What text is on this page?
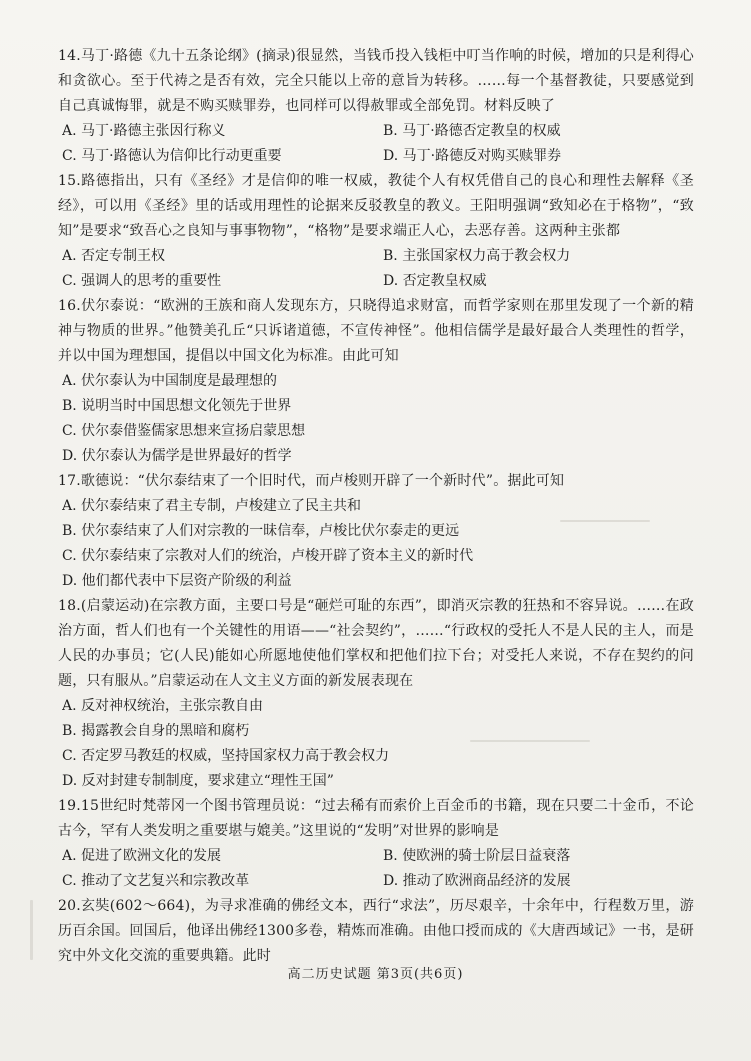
14.马丁·路德《九十五条论纲》(摘录)很显然，当钱币投入钱柜中叮当作响的时候，增加的只是利得心和贪欲心。至于代祷之是否有效，完全只能以上帝的意旨为转移。……每一个基督教徒，只要感觉到自己真诚悔罪，就是不购买赎罪券，也同样可以得赦罪或全部免罚。材料反映了

A. 马丁·路德主张因行称义	B. 马丁·路德否定教皇的权威
C. 马丁·路德认为信仰比行动更重要	D. 马丁·路德反对购买赎罪券

15.路德指出，只有《圣经》才是信仰的唯一权威，教徒个人有权凭借自己的良心和理性去解释《圣经》，可以用《圣经》里的话或用理性的论据来反驳教皇的教义。王阳明强调“致知必在于格物”，“致知”是要求“致吾心之良知与事事物物”，“格物”是要求端正人心，去恶存善。这两种主张都

A. 否定专制王权	B. 主张国家权力高于教会权力
C. 强调人的思考的重要性	D. 否定教皇权威

16.伏尔泰说：“欧洲的王族和商人发现东方，只晓得追求财富，而哲学家则在那里发现了一个新的精神与物质的世界。”他赞美孔丘“只诉诸道德，不宣传神怪”。他相信儒学是最好最合人类理性的哲学，并以中国为理想国，提倡以中国文化为标准。由此可知

A. 伏尔泰认为中国制度是最理想的
B. 说明当时中国思想文化领先于世界
C. 伏尔泰借鉴儒家思想来宣扬启蒙思想
D. 伏尔泰认为儒学是世界最好的哲学

17.歌德说：“伏尔泰结束了一个旧时代，而卢梭则开辟了一个新时代”。据此可知

A. 伏尔泰结束了君主专制，卢梭建立了民主共和
B. 伏尔泰结束了人们对宗教的一昧信奉，卢梭比伏尔泰走的更远
C. 伏尔泰结束了宗教对人们的统治，卢梭开辟了资本主义的新时代
D. 他们都代表中下层资产阶级的利益

18.(启蒙运动)在宗教方面，主要口号是“砸烂可耻的东西”，即消灭宗教的狂热和不容异说。……在政治方面，哲人们也有一个关键性的用语——“社会契约”，……“行政权的受托人不是人民的主人，而是人民的办事员；它(人民)能如心所愿地使他们掌权和把他们拉下台；对受托人来说，不存在契约的问题，只有服从。”启蒙运动在人文主义方面的新发展表现在

A. 反对神权统治，主张宗教自由
B. 揭露教会自身的黑暗和腐朽
C. 否定罗马教廷的权威，坚持国家权力高于教会权力
D. 反对封建专制制度，要求建立“理性王国”

19.15世纪时梵蒂冈一个图书管理员说：“过去稀有而索价上百金币的书籍，现在只要二十金币，不论古今，罕有人类发明之重要堪与媲美。”这里说的“发明”对世界的影响是

A. 促进了欧洲文化的发展	B. 使欧洲的骑士阶层日益衰落
C. 推动了文艺复兴和宗教改革	D. 推动了欧洲商品经济的发展

20.玄奘(602～664)，为寻求准确的佛经文本，西行“求法”，历尽艰辛，十余年中，行程数万里，游历百余国。回国后，他译出佛经1300多卷，精炼而准确。由他口授而成的《大唐西域记》一书，是研究中外文化交流的重要典籍。此时

高二历史试题 第3页(共6页)
